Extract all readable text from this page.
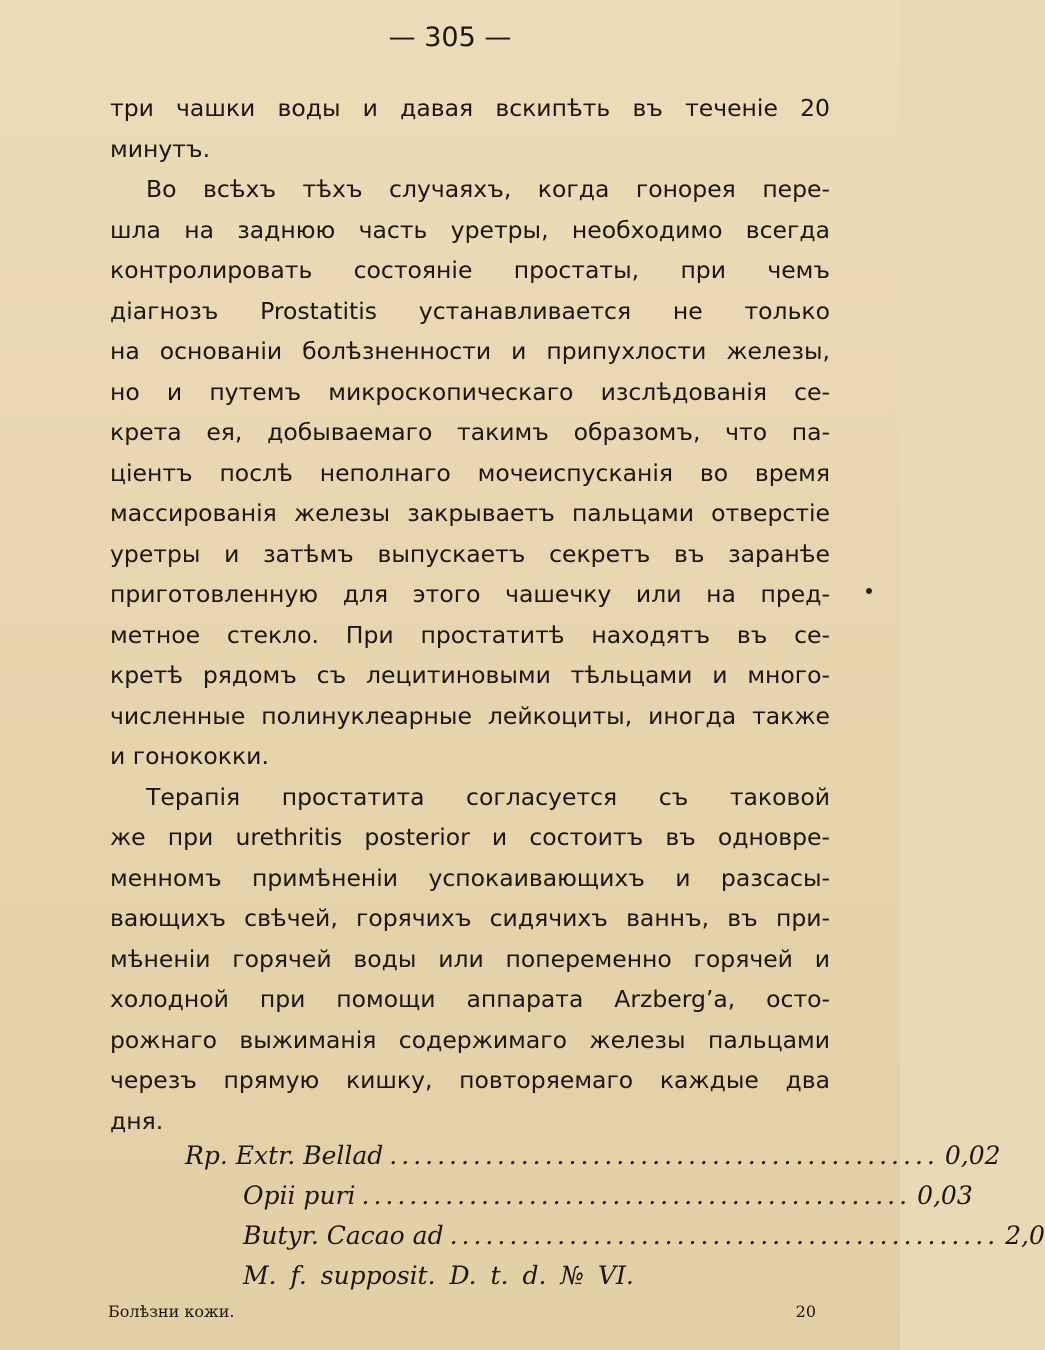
— 305 —
три чашки воды и давая вскипѣть въ теченіе 20
минутъ.
Во всѣхъ тѣхъ случаяхъ, когда гонорея пере-
шла на заднюю часть уретры, необходимо всегда
контролировать состояніе простаты, при чемъ
діагнозъ Prostatitis устанавливается не только
на основаніи болѣзненности и припухлости железы,
но и путемъ микроскопическаго изслѣдованія се-
крета ея, добываемаго такимъ образомъ, что па-
ціентъ послѣ неполнаго мочеиспусканія во время
массированія железы закрываетъ пальцами отверстіе
уретры и затѣмъ выпускаетъ секретъ въ заранѣе
приготовленную для этого чашечку или на пред-
метное стекло. При простатитѣ находятъ въ се-
кретѣ рядомъ съ лецитиновыми тѣльцами и много-
численные полинуклеарные лейкоциты, иногда также
и гонококки.
Терапія простатита согласуется съ таковой
же при urethritis posterior и состоитъ въ одновре-
менномъ примѣненіи успокаивающихъ и разсасы-
вающихъ свѣчей, горячихъ сидячихъ ваннъ, въ при-
мѣненіи горячей воды или попеременно горячей и
холодной при помощи аппарата Arzberg’a, осто-
рожнаго выжиманія содержимаго железы пальцами
черезъ прямую кишку, повторяемаго каждые два
дня.
Rp.
Extr. Bellad .............................................. 0,02
Opii puri .............................................. 0,03
Butyr. Cacao ad .............................................. 2,0
M. f. supposit. D. t. d. № VI.
Болѣзни кожи.	20
